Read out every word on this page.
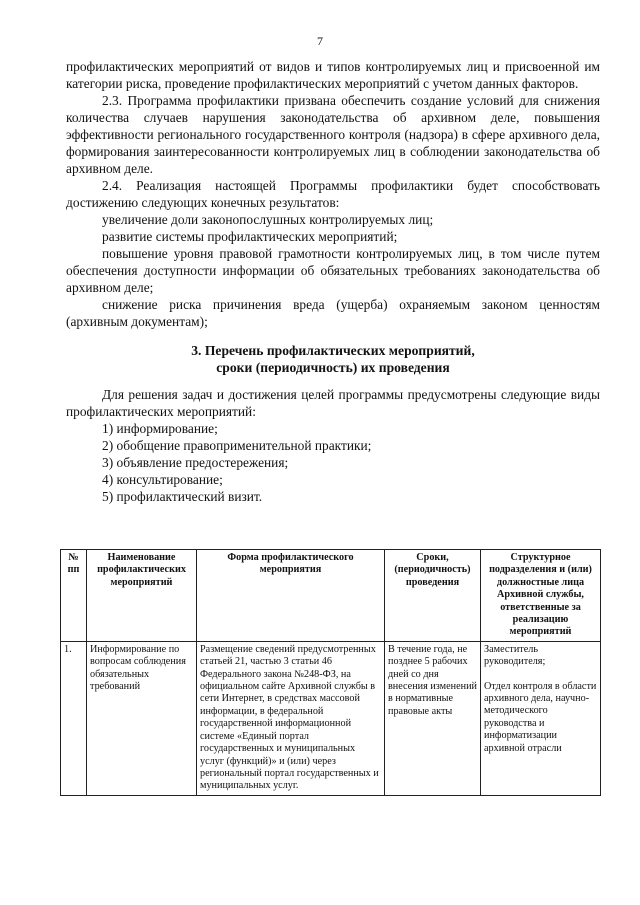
7

профилактических мероприятий от видов и типов контролируемых лиц и присвоенной им категории риска, проведение профилактических мероприятий с учетом данных факторов.

2.3. Программа профилактики призвана обеспечить создание условий для снижения количества случаев нарушения законодательства об архивном деле, повышения эффективности регионального государственного контроля (надзора) в сфере архивного дела, формирования заинтересованности контролируемых лиц в соблюдении законодательства об архивном деле.

2.4. Реализация настоящей Программы профилактики будет способствовать достижению следующих конечных результатов:

увеличение доли законопослушных контролируемых лиц;

развитие системы профилактических мероприятий;

повышение уровня правовой грамотности контролируемых лиц, в том числе путем обеспечения доступности информации об обязательных требованиях законодательства об архивном деле;

снижение риска причинения вреда (ущерба) охраняемым законом ценностям (архивным документам);

3. Перечень профилактических мероприятий,
сроки (периодичность) их проведения

Для решения задач и достижения целей программы предусмотрены следующие виды профилактических мероприятий:

1) информирование;

2) обобщение правоприменительной практики;

3) объявление предостережения;

4) консультирование;

5) профилактический визит.

№ пп	Наименование профилактических мероприятий	Форма профилактического мероприятия	Сроки, (периодичность) проведения	Структурное подразделения и (или) должностные лица Архивной службы, ответственные за реализацию мероприятий
1.	Информирование по вопросам соблюдения обязательных требований	Размещение сведений предусмотренных статьей 21, частью 3 статьи 46 Федерального закона №248-ФЗ, на официальном сайте Архивной службы в сети Интернет, в средствах массовой информации, в федеральной государственной информационной системе «Единый портал государственных и муниципальных услуг (функций)» и (или) через региональный портал государственных и муниципальных услуг.	В течение года, не позднее 5 рабочих дней со дня внесения изменений в нормативные правовые акты	Заместитель руководителя;
Отдел контроля в области архивного дела, научно-методического руководства и информатизации архивной отрасли
